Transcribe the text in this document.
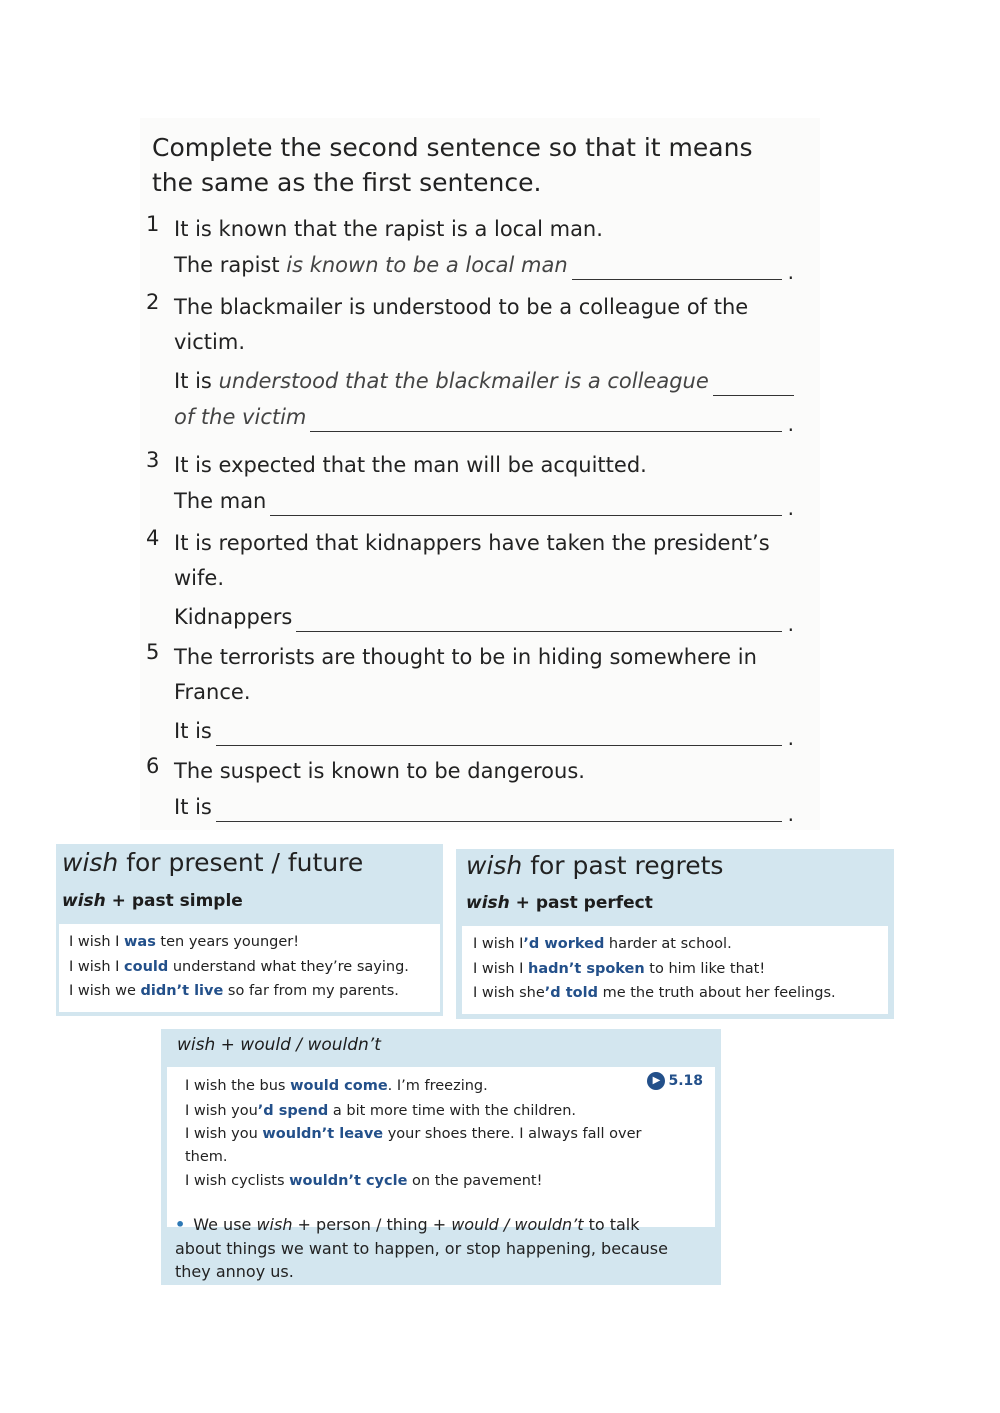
Complete the second sentence so that it means the same as the first sentence.
1 It is known that the rapist is a local man.
The rapist is known to be a local man	.
2 The blackmailer is understood to be a colleague of the victim.
It is understood that the blackmailer is a colleague
of the victim	.
3 It is expected that the man will be acquitted.
The man	.
4 It is reported that kidnappers have taken the president’s wife.
Kidnappers	.
5 The terrorists are thought to be in hiding somewhere in France.
It is	.
6 The suspect is known to be dangerous.
It is	.
wish for present / future
wish + past simple
I wish I was ten years younger!
I wish I could understand what they’re saying.
I wish we didn’t live so far from my parents.
wish for past regrets
wish + past perfect
I wish I’d worked harder at school.
I wish I hadn’t spoken to him like that!
I wish she’d told me the truth about her feelings.
wish + would / wouldn’t
▶ 5.18
I wish the bus would come. I’m freezing.
I wish you’d spend a bit more time with the children.
I wish you wouldn’t leave your shoes there. I always fall over
them.
I wish cyclists wouldn’t cycle on the pavement!
• We use wish + person / thing + would / wouldn’t to talk about things we want to happen, or stop happening, because they annoy us.
